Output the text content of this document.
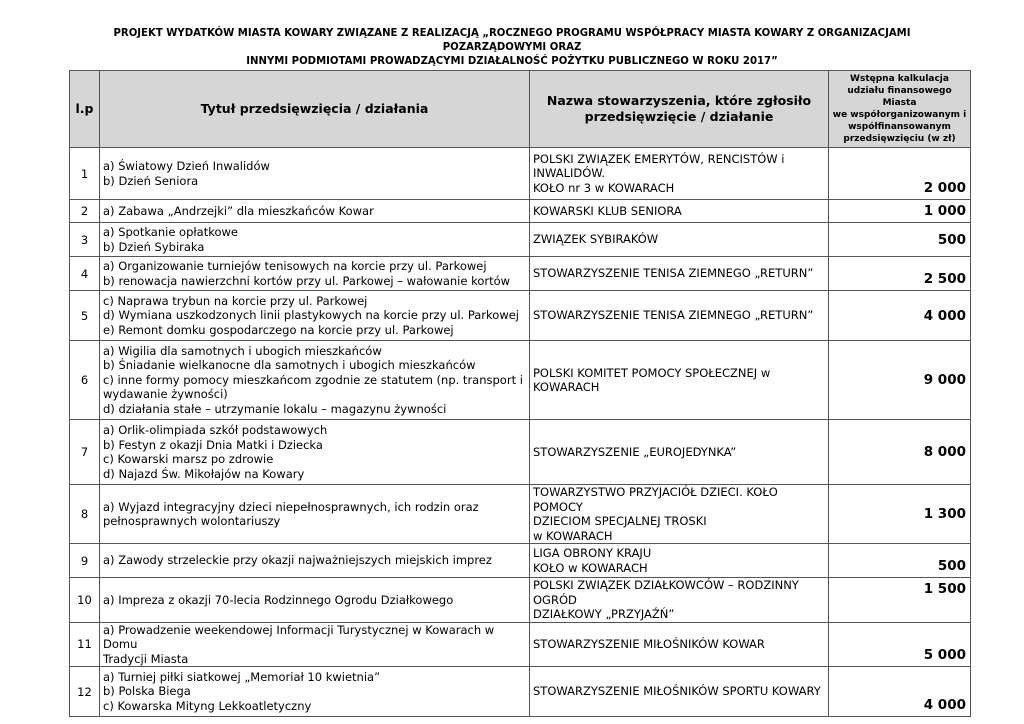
PROJEKT WYDATKÓW MIASTA KOWARY ZWIĄZANE Z REALIZACJĄ „ROCZNEGO PROGRAMU WSPÓŁPRACY MIASTA KOWARY Z ORGANIZACJAMI POZARZĄDOWYMI ORAZ
INNYMI PODMIOTAMI PROWADZĄCYMI DZIAŁALNOŚĆ POŻYTKU PUBLICZNEGO W ROKU 2017”
l.p	Tytuł przedsięwzięcia / działania	Nazwa stowarzyszenia, które zgłosiło
przedsięwzięcie / działanie	Wstępna kalkulacja
udziału finansowego Miasta
we współorganizowanym i
współfinansowanym
przedsięwzięciu (w zł)

1	a) Światowy Dzień Inwalidów
b) Dzień Seniora	POLSKI ZWIĄZEK EMERYTÓW, RENCISTÓW i
INWALIDÓW.
KOŁO nr 3 w KOWARACH	2 000
2	a) Zabawa „Andrzejki” dla mieszkańców Kowar	KOWARSKI KLUB SENIORA	1 000
3	a) Spotkanie opłatkowe
b) Dzień Sybiraka	ZWIĄZEK SYBIRAKÓW	500
4	a) Organizowanie turniejów tenisowych na korcie przy ul. Parkowej
b) renowacja nawierzchni kortów przy ul. Parkowej – wałowanie kortów	STOWARZYSZENIE TENISA ZIEMNEGO „RETURN”	2 500
5	c) Naprawa trybun na korcie przy ul. Parkowej
d) Wymiana uszkodzonych linii plastykowych na korcie przy ul. Parkowej
e) Remont domku gospodarczego na korcie przy ul. Parkowej	STOWARZYSZENIE TENISA ZIEMNEGO „RETURN”	4 000
6	a) Wigilia dla samotnych i ubogich mieszkańców
b) Śniadanie wielkanocne dla samotnych i ubogich mieszkańców
c) inne formy pomocy mieszkańcom zgodnie ze statutem (np. transport i
wydawanie żywności)
d) działania stałe – utrzymanie lokalu – magazynu żywności	POLSKI KOMITET POMOCY SPOŁECZNEJ w KOWARACH	9 000
7	a) Orlik-olimpiada szkół podstawowych
b) Festyn z okazji Dnia Matki i Dziecka
c) Kowarski marsz po zdrowie
d) Najazd Św. Mikołajów na Kowary	STOWARZYSZENIE „EUROJEDYNKA”	8 000
8	a) Wyjazd integracyjny dzieci niepełnosprawnych, ich rodzin oraz
pełnosprawnych wolontariuszy	TOWARZYSTWO PRZYJACIÓŁ DZIECI. KOŁO POMOCY
DZIECIOM SPECJALNEJ TROSKI
w KOWARACH	1 300
9	a) Zawody strzeleckie przy okazji najważniejszych miejskich imprez	LIGA OBRONY KRAJU
KOŁO w KOWARACH	500
10	a) Impreza z okazji 70-lecia Rodzinnego Ogrodu Działkowego	POLSKI ZWIĄZEK DZIAŁKOWCÓW – RODZINNY OGRÓD
DZIAŁKOWY „PRZYJAŹŃ”	1 500
11	a) Prowadzenie weekendowej Informacji Turystycznej w Kowarach w Domu
Tradycji Miasta	STOWARZYSZENIE MIŁOŚNIKÓW KOWAR	5 000
12	a) Turniej piłki siatkowej „Memoriał 10 kwietnia”
b) Polska Biega
c) Kowarska Mityng Lekkoatletyczny	STOWARZYSZENIE MIŁOŚNIKÓW SPORTU KOWARY	4 000
